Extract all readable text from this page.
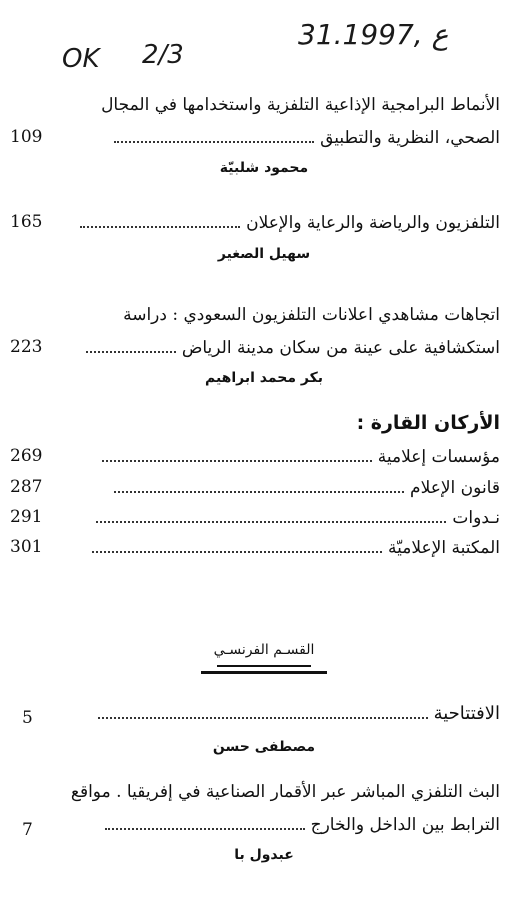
OK 2/3
31.ع ,1997
الأنماط البرامجية الإذاعية التلفزية واستخدامها في المجال
الصحي، النظرية والتطبيق
109
محمود شلبيّة
التلفزيون والرياضة والرعاية والإعلان
165
سهيل الصغير
اتجاهات مشاهدي اعلانات التلفزيون السعودي : دراسة
استكشافية على عينة من سكان مدينة الرياض
223
بكر محمد ابراهيم
الأركان القارة :
مؤسسات إعلامية
269
قانون الإعلام
287
نـدوات
291
المكتبة الإعلاميّة
301
القسـم الفرنسـي
الافتتاحية
5
مصطفى حسن
البث التلفزي المباشر عبر الأقمار الصناعية في إفريقيا . مواقع
الترابط بين الداخل والخارج
7
عبدول با
